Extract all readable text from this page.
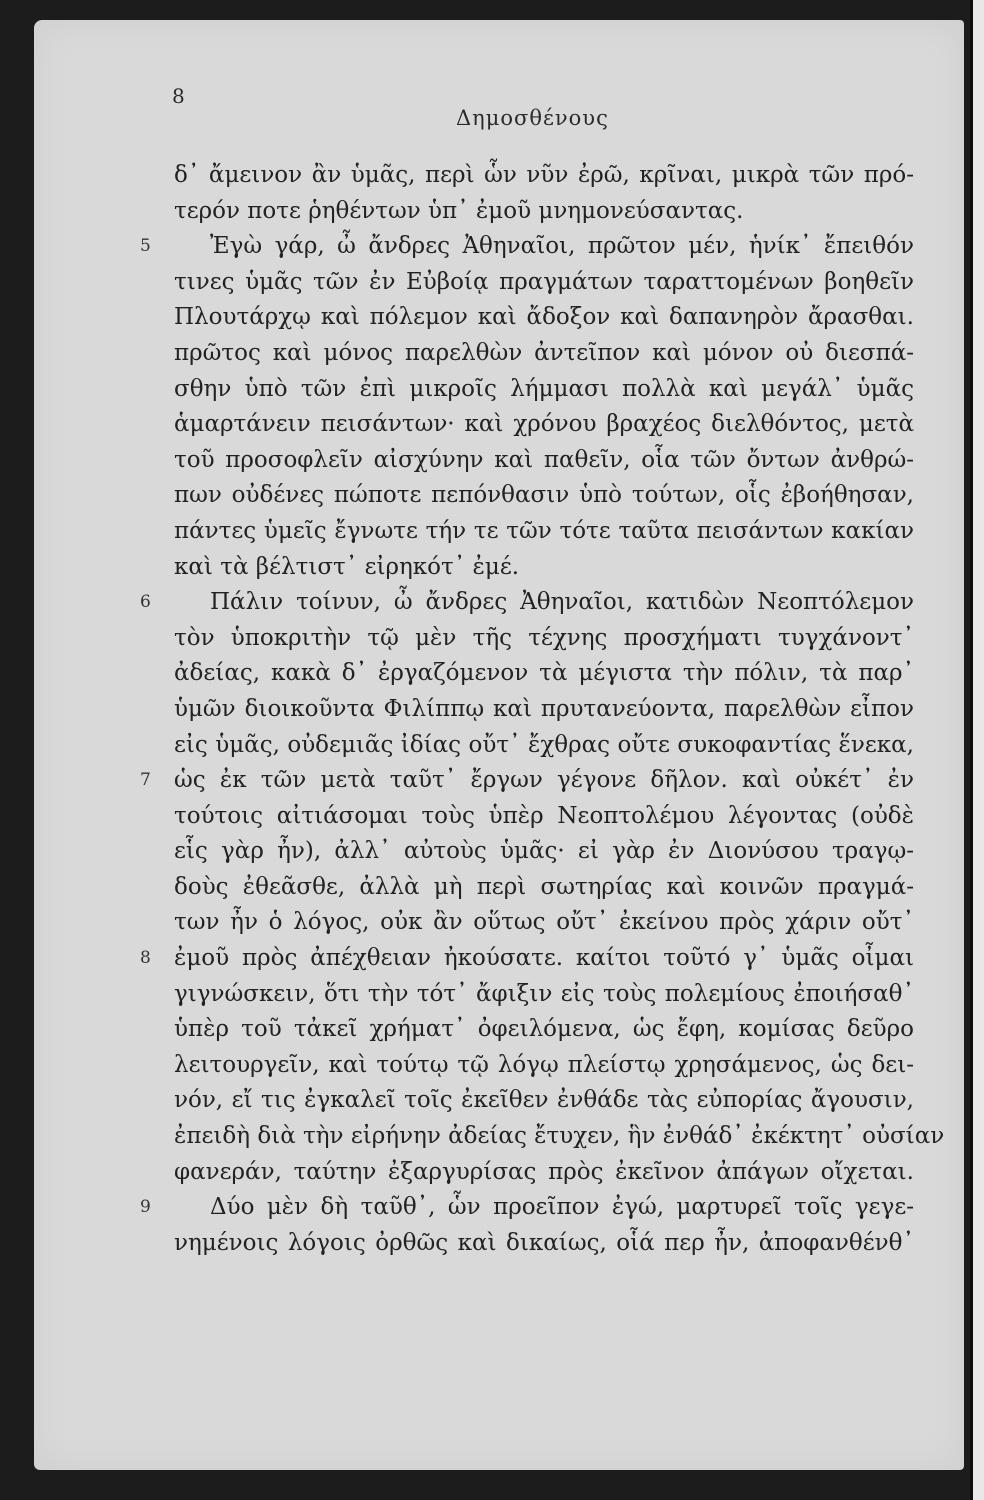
8
Δημοσθένους
δ᾽ ἄμεινον ἂν ὑμᾶς, περὶ ὧν νῦν ἐρῶ, κρῖναι, μικρὰ τῶν πρό-
τερόν ποτε ῥηθέντων ὑπ᾽ ἐμοῦ μνημονεύσαντας.
5	Ἐγὼ γάρ, ὦ ἄνδρες Ἀθηναῖοι, πρῶτον μέν, ἡνίκ᾽ ἔπειθόν
τινες ὑμᾶς τῶν ἐν Εὐβοίᾳ πραγμάτων ταραττομένων βοηθεῖν
Πλουτάρχῳ καὶ πόλεμον καὶ ἄδοξον καὶ δαπανηρὸν ἄρασθαι.
πρῶτος καὶ μόνος παρελθὼν ἀντεῖπον καὶ μόνον οὐ διεσπά-
σθην ὑπὸ τῶν ἐπὶ μικροῖς λήμμασι πολλὰ καὶ μεγάλ᾽ ὑμᾶς
ἁμαρτάνειν πεισάντων· καὶ χρόνου βραχέος διελθόντος, μετὰ
τοῦ προσοφλεῖν αἰσχύνην καὶ παθεῖν, οἷα τῶν ὄντων ἀνθρώ-
πων οὐδένες πώποτε πεπόνθασιν ὑπὸ τούτων, οἷς ἐβοήθησαν,
πάντες ὑμεῖς ἔγνωτε τήν τε τῶν τότε ταῦτα πεισάντων κακίαν
καὶ τὰ βέλτιστ᾽ εἰρηκότ᾽ ἐμέ.
6	Πάλιν τοίνυν, ὦ ἄνδρες Ἀθηναῖοι, κατιδὼν Νεοπτόλεμον
τὸν ὑποκριτὴν τῷ μὲν τῆς τέχνης προσχήματι τυγχάνοντ᾽
ἀδείας, κακὰ δ᾽ ἐργαζόμενον τὰ μέγιστα τὴν πόλιν, τὰ παρ᾽
ὑμῶν διοικοῦντα Φιλίππῳ καὶ πρυτανεύοντα, παρελθὼν εἶπον
εἰς ὑμᾶς, οὐδεμιᾶς ἰδίας οὔτ᾽ ἔχθρας οὔτε συκοφαντίας ἕνεκα,
7 ὡς ἐκ τῶν μετὰ ταῦτ᾽ ἔργων γέγονε δῆλον. καὶ οὐκέτ᾽ ἐν
τούτοις αἰτιάσομαι τοὺς ὑπὲρ Νεοπτολέμου λέγοντας (οὐδὲ
εἷς γὰρ ἦν), ἀλλ᾽ αὐτοὺς ὑμᾶς· εἰ γὰρ ἐν Διονύσου τραγῳ-
δοὺς ἐθεᾶσθε, ἀλλὰ μὴ περὶ σωτηρίας καὶ κοινῶν πραγμά-
των ἦν ὁ λόγος, οὐκ ἂν οὕτως οὔτ᾽ ἐκείνου πρὸς χάριν οὔτ᾽
8 ἐμοῦ πρὸς ἀπέχθειαν ἠκούσατε. καίτοι τοῦτό γ᾽ ὑμᾶς οἶμαι
γιγνώσκειν, ὅτι τὴν τότ᾽ ἄφιξιν εἰς τοὺς πολεμίους ἐποιήσαθ᾽
ὑπὲρ τοῦ τἀκεῖ χρήματ᾽ ὀφειλόμενα, ὡς ἔφη, κομίσας δεῦρο
λειτουργεῖν, καὶ τούτῳ τῷ λόγῳ πλείστῳ χρησάμενος, ὡς δει-
νόν, εἴ τις ἐγκαλεῖ τοῖς ἐκεῖθεν ἐνθάδε τὰς εὐπορίας ἄγουσιν,
ἐπειδὴ διὰ τὴν εἰρήνην ἀδείας ἔτυχεν, ἣν ἐνθάδ᾽ ἐκέκτητ᾽ οὐσίαν
φανεράν, ταύτην ἐξαργυρίσας πρὸς ἐκεῖνον ἀπάγων οἴχεται.
9	Δύο μὲν δὴ ταῦθ᾽, ὧν προεῖπον ἐγώ, μαρτυρεῖ τοῖς γεγε-
νημένοις λόγοις ὀρθῶς καὶ δικαίως, οἷά περ ἦν, ἀποφανθένθ᾽
